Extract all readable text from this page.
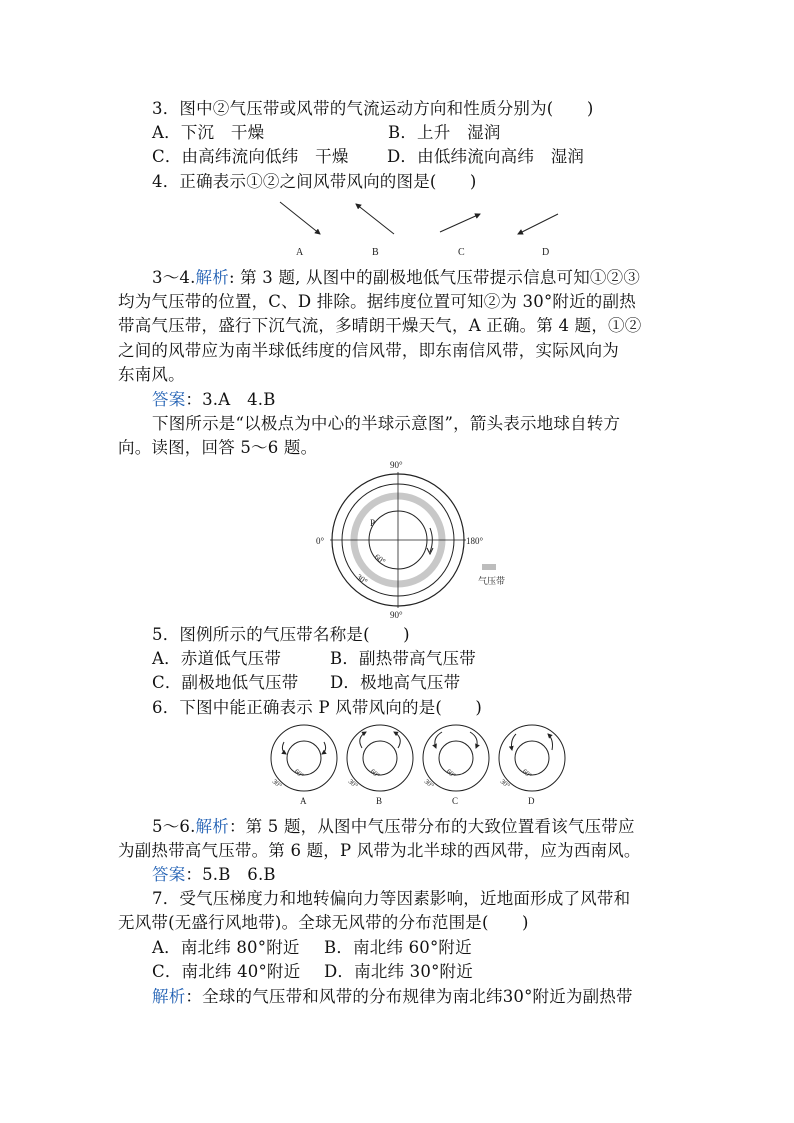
3．图中②气压带或风带的气流运动方向和性质分别为(　　)
A．下沉　干燥	B．上升　湿润
C．由高纬流向低纬　干燥 D．由低纬流向高纬　湿润
4．正确表示①②之间风带风向的图是(　　)
A	B	C	D
3～4.解析: 第 3 题, 从图中的副极地低气压带提示信息可知①②③
均为气压带的位置，C、D 排除。据纬度位置可知②为 30°附近的副热
带高气压带，盛行下沉气流，多晴朗干燥天气，A 正确。第 4 题，①②
之间的风带应为南半球低纬度的信风带，即东南信风带，实际风向为
东南风。
答案：3.A　4.B
下图所示是“以极点为中心的半球示意图”，箭头表示地球自转方
向。读图，回答 5～6 题。
90°
90°
0°	180°
P
60°
30°	气压带
5．图例所示的气压带名称是(　　)
A．赤道低气压带	B．副热带高气压带
C．副极地低气压带 D．极地高气压带
6．下图中能正确表示 P 风带风向的是(　　)
60°
30°
A
60°
30°
B
60°
30°
C
60°
30°
D
5～6.解析：第 5 题，从图中气压带分布的大致位置看该气压带应
为副热带高气压带。第 6 题，P 风带为北半球的西风带，应为西南风。
答案：5.B　6.B
7．受气压梯度力和地转偏向力等因素影响，近地面形成了风带和
无风带(无盛行风地带)。全球无风带的分布范围是(　　)
A．南北纬 80°附近 B．南北纬 60°附近
C．南北纬 40°附近 D．南北纬 30°附近
解析：全球的气压带和风带的分布规律为南北纬30°附近为副热带
